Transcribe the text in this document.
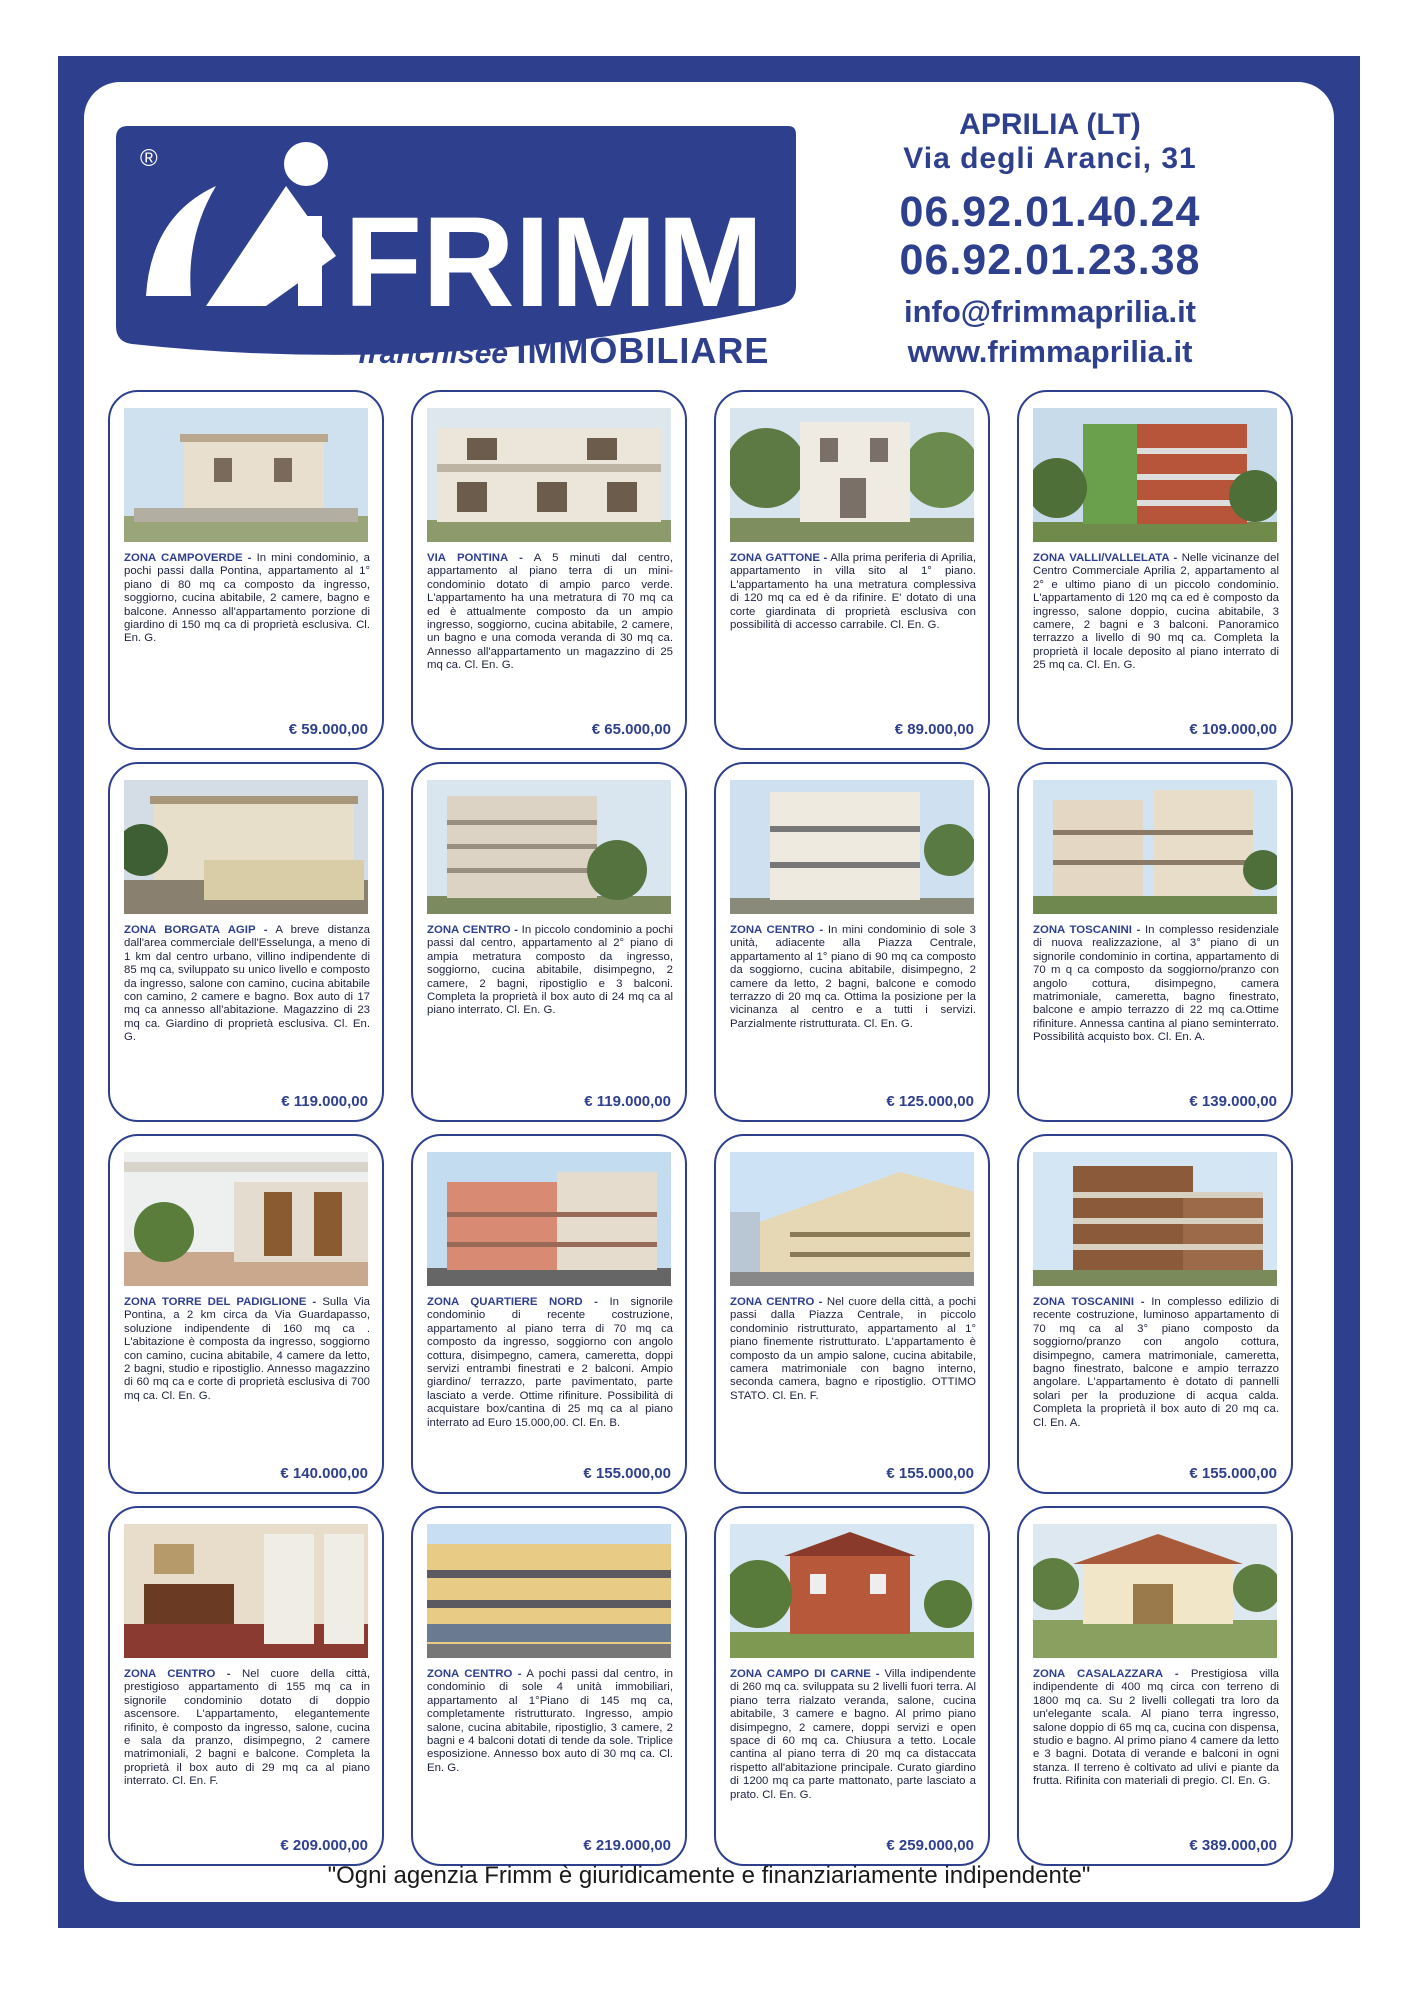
®
FRIMM
franchisee IMMOBILIARE
APRILIA (LT)
Via degli Aranci, 31
06.92.01.40.24
06.92.01.23.38
info@frimmaprilia.it
www.frimmaprilia.it
ZONA CAMPOVERDE - In mini condominio, a pochi passi dalla Pontina, appartamento al 1° piano di 80 mq ca composto da ingresso, soggiorno, cucina abitabile, 2 camere, bagno e balcone. Annesso all'appartamento porzione di giardino di 150 mq ca di proprietà esclusiva. Cl. En. G.
€ 59.000,00
VIA PONTINA - A 5 minuti dal centro, appartamento al piano terra di un mini-condominio dotato di ampio parco verde. L'appartamento ha una metratura di 70 mq ca ed è attualmente composto da un ampio ingresso, soggiorno, cucina abitabile, 2 camere, un bagno e una comoda veranda di 30 mq ca. Annesso all'appartamento un magazzino di 25 mq ca. Cl. En. G.
€ 65.000,00
ZONA GATTONE - Alla prima periferia di Aprilia, appartamento in villa sito al 1° piano. L'appartamento ha una metratura complessiva di 120 mq ca ed è da rifinire. E' dotato di una corte giardinata di proprietà esclusiva con possibilità di accesso carrabile. Cl. En. G.
€ 89.000,00
ZONA VALLI/VALLELATA - Nelle vicinanze del Centro Commerciale Aprilia 2, appartamento al 2° e ultimo piano di un piccolo condominio. L'appartamento di 120 mq ca ed è composto da ingresso, salone doppio, cucina abitabile, 3 camere, 2 bagni e 3 balconi. Panoramico terrazzo a livello di 90 mq ca. Completa la proprietà il locale deposito al piano interrato di 25 mq ca. Cl. En. G.
€ 109.000,00
ZONA BORGATA AGIP - A breve distanza dall'area commerciale dell'Esselunga, a meno di 1 km dal centro urbano, villino indipendente di 85 mq ca, sviluppato su unico livello e composto da ingresso, salone con camino, cucina abitabile con camino, 2 camere e bagno. Box auto di 17 mq ca annesso all'abitazione. Magazzino di 23 mq ca. Giardino di proprietà esclusiva. Cl. En. G.
€ 119.000,00
ZONA CENTRO - In piccolo condominio a pochi passi dal centro, appartamento al 2° piano di ampia metratura composto da ingresso, soggiorno, cucina abitabile, disimpegno, 2 camere, 2 bagni, ripostiglio e 3 balconi. Completa la proprietà il box auto di 24 mq ca al piano interrato. Cl. En. G.
€ 119.000,00
ZONA CENTRO - In mini condominio di sole 3 unità, adiacente alla Piazza Centrale, appartamento al 1° piano di 90 mq ca composto da soggiorno, cucina abitabile, disimpegno, 2 camere da letto, 2 bagni, balcone e comodo terrazzo di 20 mq ca. Ottima la posizione per la vicinanza al centro e a tutti i servizi. Parzialmente ristrutturata. Cl. En. G.
€ 125.000,00
ZONA TOSCANINI - In complesso residenziale di nuova realizzazione, al 3° piano di un signorile condominio in cortina, appartamento di 70 m q ca composto da soggiorno/pranzo con angolo cottura, disimpegno, camera matrimoniale, cameretta, bagno finestrato, balcone e ampio terrazzo di 22 mq ca.Ottime rifiniture. Annessa cantina al piano seminterrato. Possibilità acquisto box. Cl. En. A.
€ 139.000,00
ZONA TORRE DEL PADIGLIONE - Sulla Via Pontina, a 2 km circa da Via Guardapasso, soluzione indipendente di 160 mq ca . L'abitazione è composta da ingresso, soggiorno con camino, cucina abitabile, 4 camere da letto, 2 bagni, studio e ripostiglio. Annesso magazzino di 60 mq ca e corte di proprietà esclusiva di 700 mq ca. Cl. En. G.
€ 140.000,00
ZONA QUARTIERE NORD - In signorile condominio di recente costruzione, appartamento al piano terra di 70 mq ca composto da ingresso, soggiorno con angolo cottura, disimpegno, camera, cameretta, doppi servizi entrambi finestrati e 2 balconi. Ampio giardino/ terrazzo, parte pavimentato, parte lasciato a verde. Ottime rifiniture. Possibilità di acquistare box/cantina di 25 mq ca al piano interrato ad Euro 15.000,00. Cl. En. B.
€ 155.000,00
ZONA CENTRO - Nel cuore della città, a pochi passi dalla Piazza Centrale, in piccolo condominio ristrutturato, appartamento al 1° piano finemente ristrutturato. L'appartamento è composto da un ampio salone, cucina abitabile, camera matrimoniale con bagno interno, seconda camera, bagno e ripostiglio. OTTIMO STATO. Cl. En. F.
€ 155.000,00
ZONA TOSCANINI - In complesso edilizio di recente costruzione, luminoso appartamento di 70 mq ca al 3° piano composto da soggiorno/pranzo con angolo cottura, disimpegno, camera matrimoniale, cameretta, bagno finestrato, balcone e ampio terrazzo angolare. L'appartamento è dotato di pannelli solari per la produzione di acqua calda. Completa la proprietà il box auto di 20 mq ca. Cl. En. A.
€ 155.000,00
ZONA CENTRO - Nel cuore della città, prestigioso appartamento di 155 mq ca in signorile condominio dotato di doppio ascensore. L'appartamento, elegantemente rifinito, è composto da ingresso, salone, cucina e sala da pranzo, disimpegno, 2 camere matrimoniali, 2 bagni e balcone. Completa la proprietà il box auto di 29 mq ca al piano interrato. Cl. En. F.
€ 209.000,00
ZONA CENTRO - A pochi passi dal centro, in condominio di sole 4 unità immobiliari, appartamento al 1°Piano di 145 mq ca, completamente ristrutturato. Ingresso, ampio salone, cucina abitabile, ripostiglio, 3 camere, 2 bagni e 4 balconi dotati di tende da sole. Triplice esposizione. Annesso box auto di 30 mq ca. Cl. En. G.
€ 219.000,00
ZONA CAMPO DI CARNE - Villa indipendente di 260 mq ca. sviluppata su 2 livelli fuori terra. Al piano terra rialzato veranda, salone, cucina abitabile, 3 camere e bagno. Al primo piano disimpegno, 2 camere, doppi servizi e open space di 60 mq ca. Chiusura a tetto. Locale cantina al piano terra di 20 mq ca distaccata rispetto all'abitazione principale. Curato giardino di 1200 mq ca parte mattonato, parte lasciato a prato. Cl. En. G.
€ 259.000,00
ZONA CASALAZZARA - Prestigiosa villa indipendente di 400 mq circa con terreno di 1800 mq ca. Su 2 livelli collegati tra loro da un'elegante scala. Al piano terra ingresso, salone doppio di 65 mq ca, cucina con dispensa, studio e bagno. Al primo piano 4 camere da letto e 3 bagni. Dotata di verande e balconi in ogni stanza. Il terreno è coltivato ad ulivi e piante da frutta. Rifinita con materiali di pregio. Cl. En. G.
€ 389.000,00
"Ogni agenzia Frimm è giuridicamente e finanziariamente indipendente"
